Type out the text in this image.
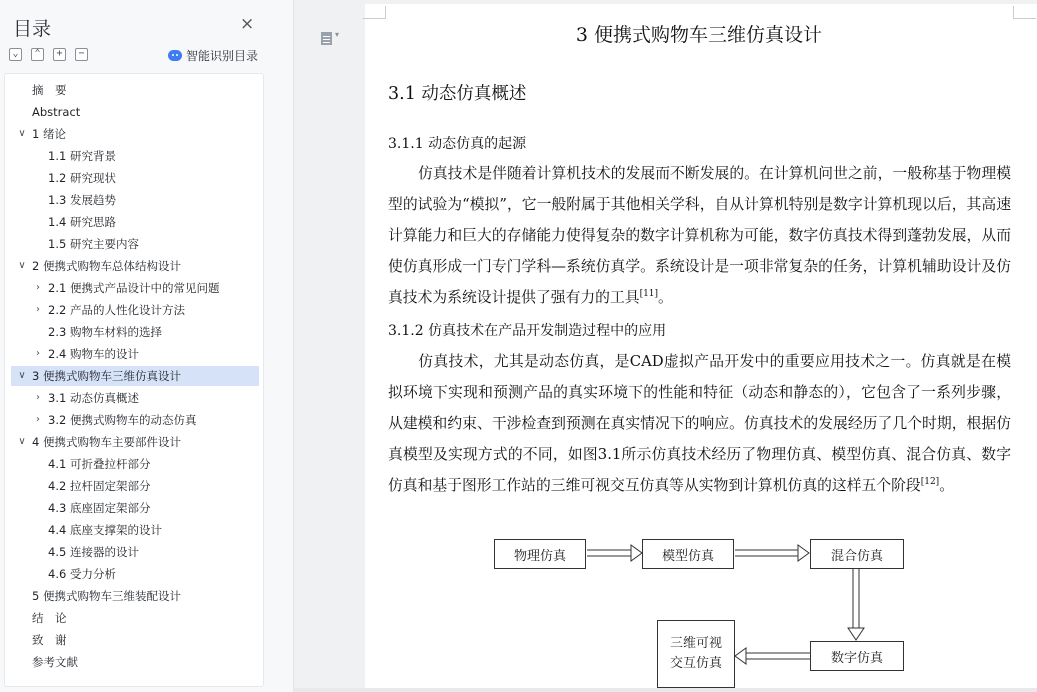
目录	×
⌄	⌃	+	−	智能识别目录
摘　要
Abstract
∨ 1 绪论
1.1 研究背景
1.2 研究现状
1.3 发展趋势
1.4 研究思路
1.5 研究主要内容
∨ 2 便携式购物车总体结构设计
› 2.1 便携式产品设计中的常见问题
› 2.2 产品的人性化设计方法
2.3 购物车材料的选择
› 2.4 购物车的设计
∨ 3 便携式购物车三维仿真设计
› 3.1 动态仿真概述
› 3.2 便携式购物车的动态仿真
∨ 4 便携式购物车主要部件设计
4.1 可折叠拉杆部分
4.2 拉杆固定架部分
4.3 底座固定架部分
4.4 底座支撑架的设计
4.5 连接器的设计
4.6 受力分析
5 便携式购物车三维装配设计
结　论
致　谢
参考文献
▾	3 便携式购物车三维仿真设计
3.1 动态仿真概述
3.1.1 动态仿真的起源

仿真技术是伴随着计算机技术的发展而不断发展的。在计算机问世之前，一般称基于物理模型的试验为“模拟”，它一般附属于其他相关学科，自从计算机特别是数字计算机现以后，其高速计算能力和巨大的存储能力使得复杂的数字计算机称为可能，数字仿真技术得到蓬勃发展，从而使仿真形成一门专门学科—系统仿真学。系统设计是一项非常复杂的任务，计算机辅助设计及仿真技术为系统设计提供了强有力的工具[11]。

3.1.2 仿真技术在产品开发制造过程中的应用

仿真技术，尤其是动态仿真，是CAD虚拟产品开发中的重要应用技术之一。仿真就是在模拟环境下实现和预测产品的真实环境下的性能和特征（动态和静态的），它包含了一系列步骤，从建模和约束、干涉检查到预测在真实情况下的响应。仿真技术的发展经历了几个时期，根据仿真模型及实现方式的不同，如图3.1所示仿真技术经历了物理仿真、模型仿真、混合仿真、数字仿真和基于图形工作站的三维可视交互仿真等从实物到计算机仿真的这样五个阶段[12]。

物理仿真	模型仿真	混合仿真
数字仿真
三维可视交互仿真
